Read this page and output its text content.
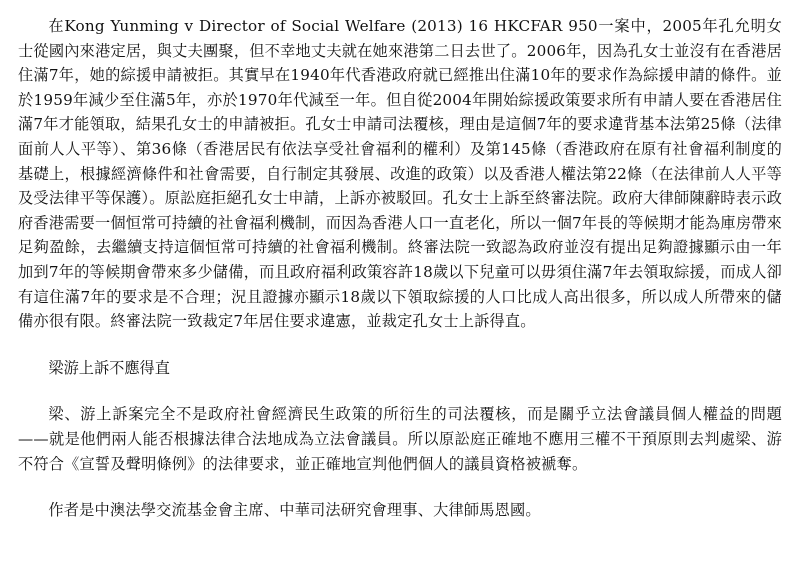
在Kong Yunming v Director of Social Welfare (2013) 16 HKCFAR 950一案中，2005年孔允明女士從國內來港定居，與丈夫團聚，但不幸地丈夫就在她來港第二日去世了。2006年，因為孔女士並沒有在香港居住滿7年，她的綜援申請被拒。其實早在1940年代香港政府就已經推出住滿10年的要求作為綜援申請的條件。並於1959年減少至住滿5年，亦於1970年代減至一年。但自從2004年開始綜援政策要求所有申請人要在香港居住滿7年才能領取，結果孔女士的申請被拒。孔女士申請司法覆核，理由是這個7年的要求違背基本法第25條（法律面前人人平等）、第36條（香港居民有依法享受社會福利的權利）及第145條（香港政府在原有社會福利制度的基礎上，根據經濟條件和社會需要，自行制定其發展、改進的政策）以及香港人權法第22條（在法律前人人平等及受法律平等保護）。原訟庭拒絕孔女士申請，上訴亦被駁回。孔女士上訴至終審法院。政府大律師陳辭時表示政府香港需要一個恒常可持續的社會福利機制，而因為香港人口一直老化，所以一個7年長的等候期才能為庫房帶來足夠盈餘，去繼續支持這個恒常可持續的社會福利機制。終審法院一致認為政府並沒有提出足夠證據顯示由一年加到7年的等候期會帶來多少儲備，而且政府福利政策容許18歲以下兒童可以毋須住滿7年去領取綜援，而成人卻有這住滿7年的要求是不合理；況且證據亦顯示18歲以下領取綜援的人口比成人高出很多，所以成人所帶來的儲備亦很有限。終審法院一致裁定7年居住要求違憲，並裁定孔女士上訴得直。

梁游上訴不應得直

梁、游上訴案完全不是政府社會經濟民生政策的所衍生的司法覆核，而是關乎立法會議員個人權益的問題——就是他們兩人能否根據法律合法地成為立法會議員。所以原訟庭正確地不應用三權不干預原則去判處梁、游不符合《宣誓及聲明條例》的法律要求，並正確地宣判他們個人的議員資格被褫奪。

作者是中澳法學交流基金會主席、中華司法研究會理事、大律師馬恩國。
